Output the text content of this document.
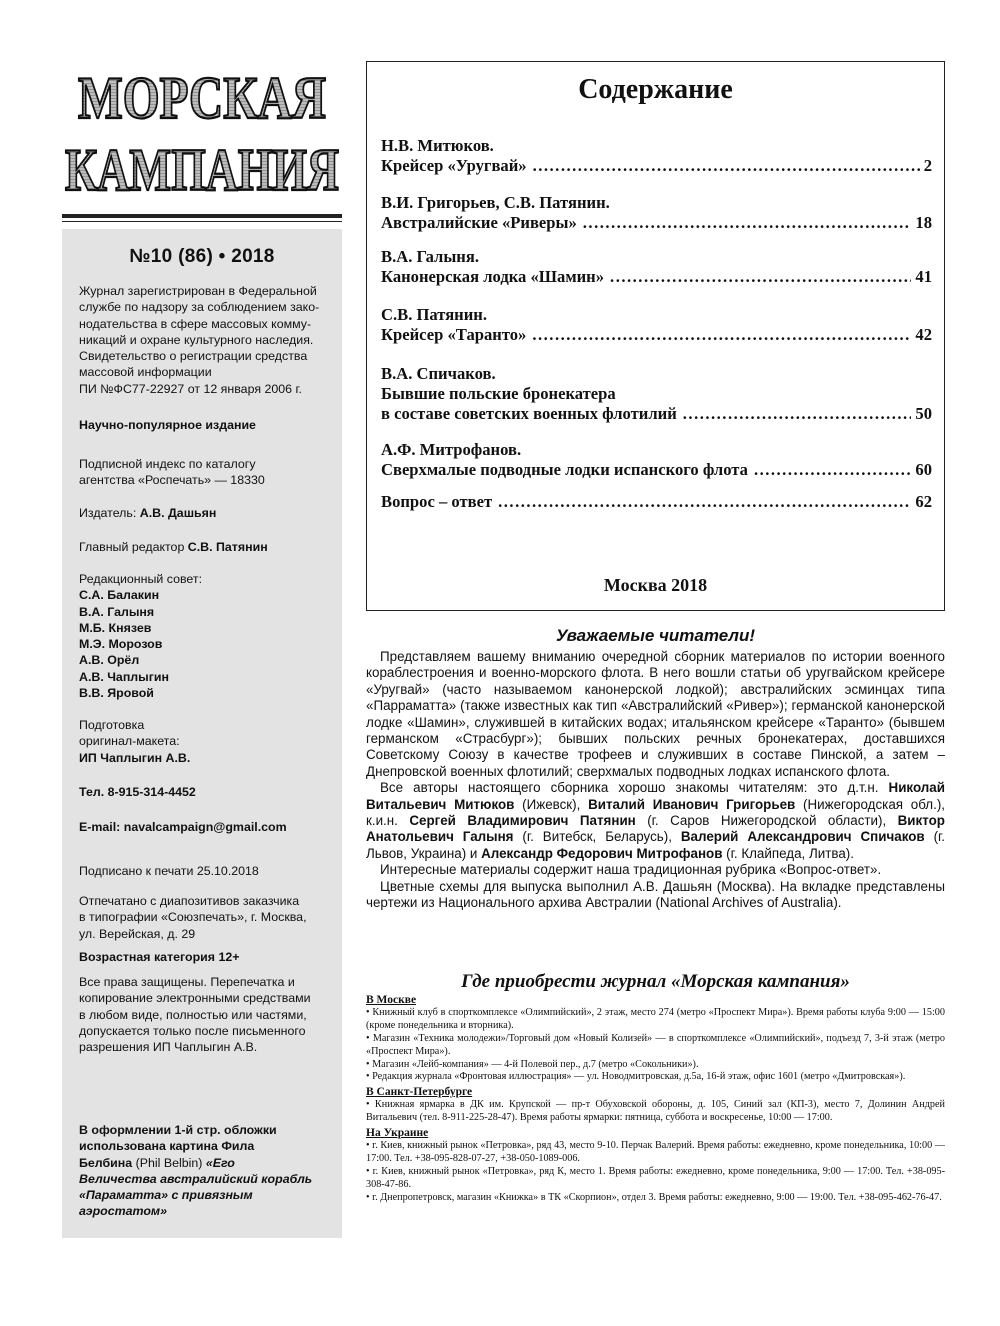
МОРСКАЯ
КАМПАНИЯ
№10 (86) • 2018
Журнал зарегистрирован в Федеральной
службе по надзору за соблюдением зако-
нодательства в сфере массовых комму-
никаций и охране культурного наследия.
Свидетельство о регистрации средства
массовой информации
ПИ №ФС77-22927 от 12 января 2006 г.
Научно-популярное издание
Подписной индекс по каталогу
агентства «Роспечать» — 18330
Издатель: А.В. Дашьян
Главный редактор С.В. Патянин
Редакционный совет:
С.А. Балакин
В.А. Галыня
М.Б. Князев
М.Э. Морозов
А.В. Орёл
А.В. Чаплыгин
В.В. Яровой
Подготовка
оригинал-макета:
ИП Чаплыгин А.В.
Тел. 8-915-314-4452
E-mail: navalcampaign@gmail.com
Подписано к печати 25.10.2018
Отпечатано с диапозитивов заказчика
в типографии «Союзпечать», г. Москва,
ул. Верейская, д. 29
Возрастная категория 12+
Все права защищены. Перепечатка и
копирование электронными средствами
в любом виде, полностью или частями,
допускается только после письменного
разрешения ИП Чаплыгин А.В.
В оформлении 1-й стр. обложки
использована картина Фила
Белбина (Phil Belbin) «Его
Величества австралийский корабль
«Параматта» с привязным
аэростатом»
Содержание
Н.В. Митюков.
Крейсер «Уругвай» .....	2
В.И. Григорьев, С.В. Патянин.
Австралийские «Риверы» .....	18
В.А. Галыня.
Канонерская лодка «Шамин» .....	41
С.В. Патянин.
Крейсер «Таранто» .....	42
В.А. Спичаков.
Бывшие польские бронекатера
в составе советских военных флотилий .....	50
А.Ф. Митрофанов.
Сверхмалые подводные лодки испанского флота .....	60
Вопрос – ответ .....	62
Москва 2018
Уважаемые читатели!

Представляем вашему вниманию очередной сборник материалов по истории военного кораблестроения и военно-морского флота. В него вошли статьи об уругвайском крейсере «Уругвай» (часто называемом канонерской лодкой); австралийских эсминцах типа «Парраматта» (также известных как тип «Австралийский «Ривер»); германской канонерской лодке «Шамин», служившей в китайских водах; итальянском крейсере «Таранто» (бывшем германском «Страсбург»); бывших польских речных бронекатерах, доставшихся Советскому Союзу в качестве трофеев и служивших в составе Пинской, а затем – Днепровской военных флотилий; сверхмалых подводных лодках испанского флота.

Все авторы настоящего сборника хорошо знакомы читателям: это д.т.н. Николай Витальевич Митюков (Ижевск), Виталий Иванович Григорьев (Нижегородская обл.), к.и.н. Сергей Владимирович Патянин (г. Саров Нижегородской области), Виктор Анатольевич Галыня (г. Витебск, Беларусь), Валерий Александрович Спичаков (г. Львов, Украина) и Александр Федорович Митрофанов (г. Клайпеда, Литва).

Интересные материалы содержит наша традиционная рубрика «Вопрос-ответ».

Цветные схемы для выпуска выполнил А.В. Дашьян (Москва). На вкладке представлены чертежи из Национального архива Австралии (National Archives of Australia).

Где приобрести журнал «Морская кампания»
В Москве
• Книжный клуб в спорткомплексе «Олимпийский», 2 этаж, место 274 (метро «Проспект Мира»). Время работы клуба 9:00 — 15:00 (кроме понедельника и вторника).
• Магазин «Техника молодежи»/Торговый дом «Новый Колизей» — в спорткомплексе «Олимпийский», подъезд 7, 3-й этаж (метро «Проспект Мира»).
• Магазин «Лейб-компания» — 4-й Полевой пер., д.7 (метро «Сокольники»).
• Редакция журнала «Фронтовая иллюстрация» — ул. Новодмитровская, д.5а, 16-й этаж, офис 1601 (метро «Дмитровская»).
В Санкт-Петербурге
• Книжная ярмарка в ДК им. Крупской — пр-т Обуховской обороны, д. 105, Синий зал (КП-3), место 7, Долинин Андрей Витальевич (тел. 8-911-225-28-47). Время работы ярмарки: пятница, суббота и воскресенье, 10:00 — 17:00.
На Украине
• г. Киев, книжный рынок «Петровка», ряд 43, место 9-10. Перчак Валерий. Время работы: ежедневно, кроме понедельника, 10:00 — 17:00. Тел. +38-095-828-07-27, +38-050-1089-006.
• г. Киев, книжный рынок «Петровка», ряд К, место 1. Время работы: ежедневно, кроме понедельника, 9:00 — 17:00. Тел. +38-095-308-47-86.
• г. Днепропетровск, магазин «Книжка» в ТК «Скорпион», отдел 3. Время работы: ежедневно, 9:00 — 19:00. Тел. +38-095-462-76-47.
